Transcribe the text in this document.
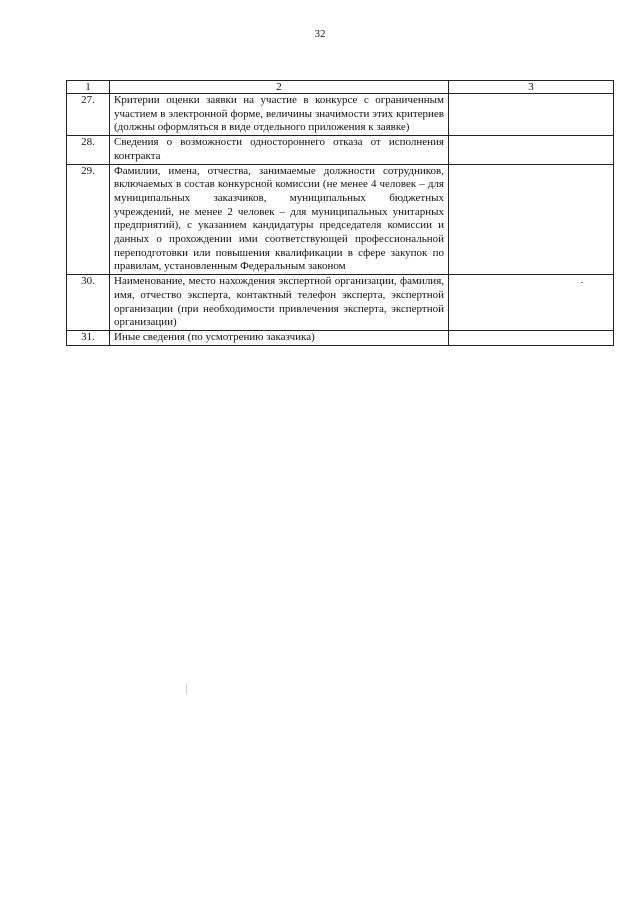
32
1	2	3
27.	Критерии оценки заявки на участие в конкурсе с ограниченным участием в электронной форме, величины значимости этих критериев (должны оформляться в виде отдельного приложения к заявке)	
28.	Сведения о возможности одностороннего отказа от исполнения контракта	
29.	Фамилии, имена, отчества, занимаемые должности сотрудников, включаемых в состав конкурсной комиссии (не менее 4 человек – для муниципальных заказчиков, муниципальных бюджетных учреждений, не менее 2 человек – для муниципальных унитарных предприятий), с указанием кандидатуры председателя комиссии и данных о прохождении ими соответствующей профессиональной переподготовки или повышения квалификации в сфере закупок по правилам, установленным Федеральным законом	
30.	Наименование, место нахождения экспертной организации, фамилия, имя, отчество эксперта, контактный телефон эксперта, экспертной организации (при необходимости привлечения эксперта, экспертной организации)	
31.	Иные сведения (по усмотрению заказчика)	
